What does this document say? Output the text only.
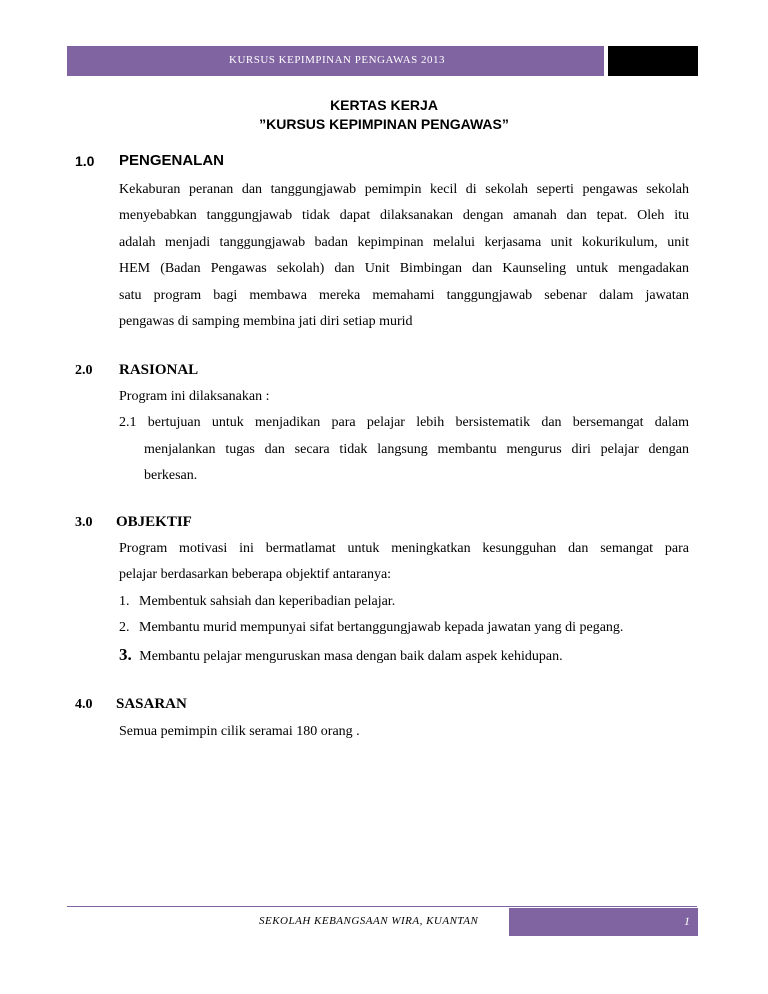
KURSUS KEPIMPINAN PENGAWAS 2013
KERTAS KERJA
”KURSUS KEPIMPINAN PENGAWAS”
1.0 PENGENALAN
Kekaburan peranan dan tanggungjawab pemimpin kecil di sekolah seperti pengawas sekolah
menyebabkan tanggungjawab tidak dapat dilaksanakan dengan amanah dan tepat. Oleh itu
adalah menjadi tanggungjawab badan kepimpinan melalui kerjasama unit kokurikulum, unit
HEM (Badan Pengawas sekolah) dan Unit Bimbingan dan Kaunseling untuk mengadakan
satu program bagi membawa mereka memahami tanggungjawab sebenar dalam jawatan
pengawas di samping membina jati diri setiap murid
2.0 RASIONAL
Program ini dilaksanakan :
2.1 bertujuan untuk menjadikan para pelajar lebih bersistematik dan bersemangat dalam
menjalankan tugas dan secara tidak langsung membantu mengurus diri pelajar dengan
berkesan.
3.0 OBJEKTIF
Program motivasi ini bermatlamat untuk meningkatkan kesungguhan dan semangat para
pelajar berdasarkan beberapa objektif antaranya:
1. Membentuk sahsiah dan keperibadian pelajar.
2. Membantu murid mempunyai sifat bertanggungjawab kepada jawatan yang di pegang.
3. Membantu pelajar menguruskan masa dengan baik dalam aspek kehidupan.
4.0 SASARAN
Semua pemimpin cilik seramai 180 orang .
SEKOLAH KEBANGSAAN WIRA, KUANTAN	1
